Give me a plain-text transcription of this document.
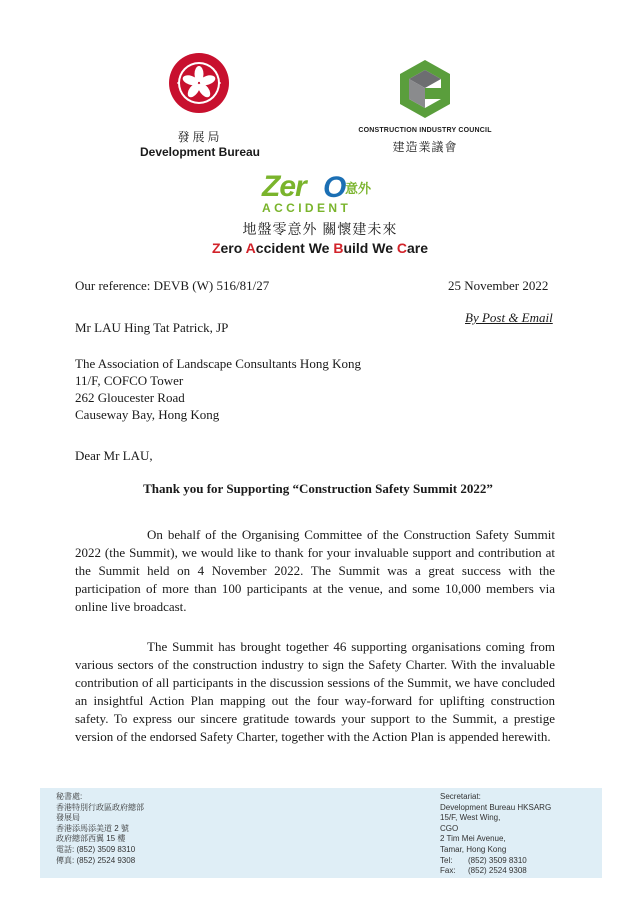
發展局
Development Bureau
CONSTRUCTION INDUSTRY COUNCIL
建造業議會
Zer O
意外
ACCIDENT
地盤零意外 關懷建未來
Zero Accident We Build We Care
Our reference: DEVB (W) 516/81/27	25 November 2022
By Post & Email
Mr LAU Hing Tat Patrick, JP
The Association of Landscape Consultants Hong Kong
11/F, COFCO Tower
262 Gloucester Road
Causeway Bay, Hong Kong
Dear Mr LAU,
Thank you for Supporting “Construction Safety Summit 2022”
On behalf of the Organising Committee of the Construction Safety Summit 2022 (the Summit), we would like to thank for your invaluable support and contribution at the Summit held on 4 November 2022. The Summit was a great success with the participation of more than 100 participants at the venue, and some 10,000 members via online live broadcast.
The Summit has brought together 46 supporting organisations coming from various sectors of the construction industry to sign the Safety Charter. With the invaluable contribution of all participants in the discussion sessions of the Summit, we have concluded an insightful Action Plan mapping out the four way-forward for uplifting construction safety. To express our sincere gratitude towards your support to the Summit, a prestige version of the endorsed Safety Charter, together with the Action Plan is appended herewith.
秘書處:
香港特別行政區政府總部
發展局
香港添馬添美道 2 號
政府總部西翼 15 樓
電話: (852) 3509 8310
傳真: (852) 2524 9308
Secretariat:
Development Bureau HKSARG
15/F, West Wing,
CGO
2 Tim Mei Avenue,
Tamar, Hong Kong
Tel: (852) 3509 8310
Fax: (852) 2524 9308
